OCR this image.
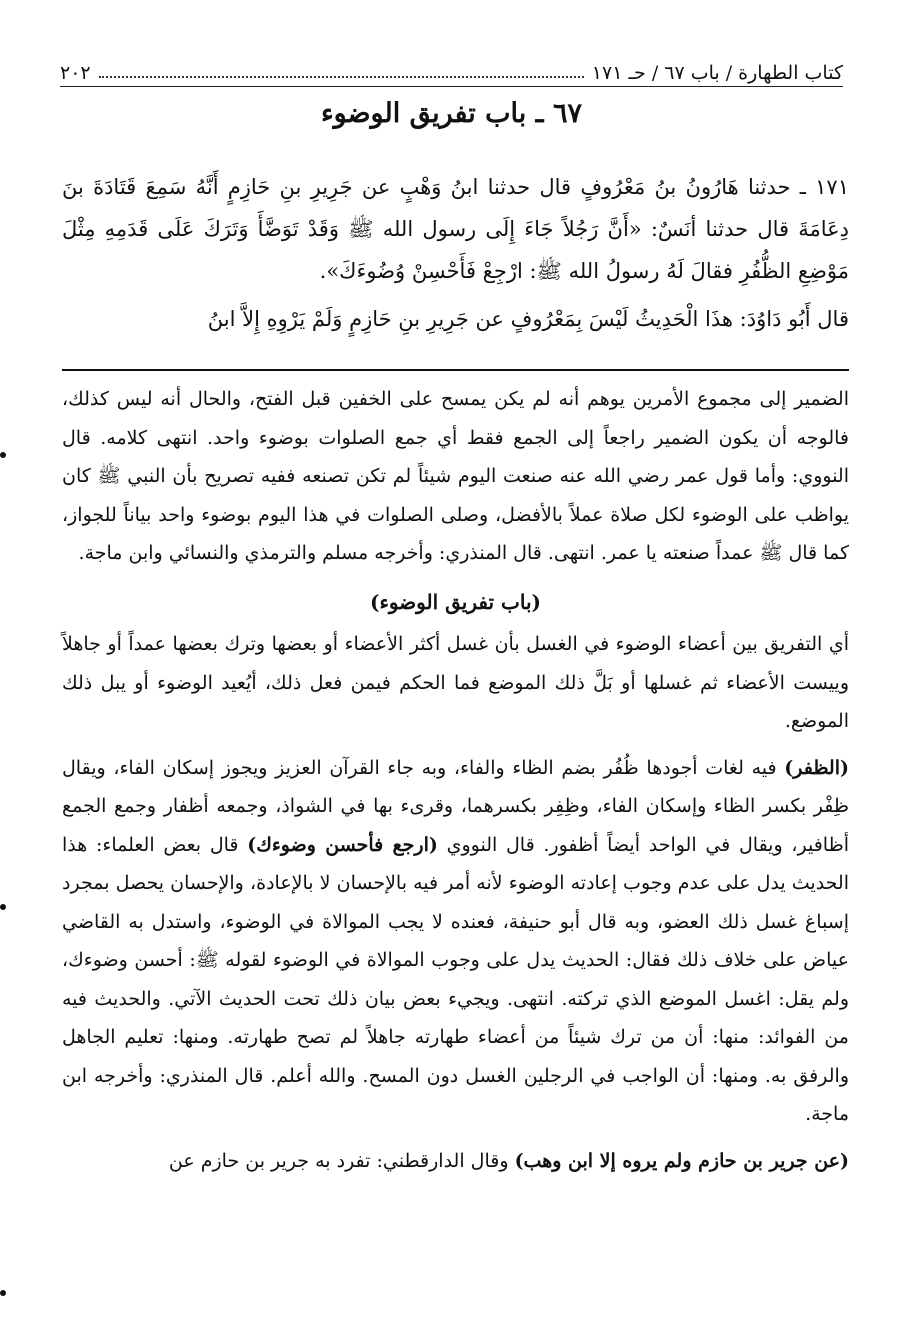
كتاب الطهارة / باب ٦٧ / حـ ١٧١
٢٠٢
٦٧ ـ باب تفريق الوضوء

١٧١ ـ حدثنا هَارُونُ بنُ مَعْرُوفٍ قال حدثنا ابنُ وَهْبٍ عن جَرِيرِ بنِ حَازِمٍ أَنَّهُ سَمِعَ قَتَادَةَ بنَ دِعَامَةَ قال حدثنا أنَسٌ: «أَنَّ رَجُلاً جَاءَ إِلَى رسول الله ﷺ وَقَدْ تَوَضَّأَ وَتَرَكَ عَلَى قَدَمِهِ مِثْلَ مَوْضِعِ الظُّفُرِ فقالَ لَهُ رسولُ الله ﷺ: ارْجِعْ فَأَحْسِنْ وُضُوءَكَ».

قال أَبُو دَاوُدَ: هذَا الْحَدِيثُ لَيْسَ بِمَعْرُوفٍ عن جَرِيرِ بنِ حَازِمٍ وَلَمْ يَرْوِهِ إِلاَّ ابنُ

الضمير إلى مجموع الأمرين يوهم أنه لم يكن يمسح على الخفين قبل الفتح، والحال أنه ليس كذلك، فالوجه أن يكون الضمير راجعاً إلى الجمع فقط أي جمع الصلوات بوضوء واحد. انتهى كلامه. قال النووي: وأما قول عمر رضي الله عنه صنعت اليوم شيئاً لم تكن تصنعه ففيه تصريح بأن النبي ﷺ كان يواظب على الوضوء لكل صلاة عملاً بالأفضل، وصلى الصلوات في هذا اليوم بوضوء واحد بياناً للجواز، كما قال ﷺ عمداً صنعته يا عمر. انتهى. قال المنذري: وأخرجه مسلم والترمذي والنسائي وابن ماجة.

(باب تفريق الوضوء)

أي التفريق بين أعضاء الوضوء في الغسل بأن غسل أكثر الأعضاء أو بعضها وترك بعضها عمداً أو جاهلاً وييست الأعضاء ثم غسلها أو بَلَّ ذلك الموضع فما الحكم فيمن فعل ذلك، أيُعيد الوضوء أو يبل ذلك الموضع.

(الظفر) فيه لغات أجودها ظُفُر بضم الظاء والفاء، وبه جاء القرآن العزيز ويجوز إسكان الفاء، ويقال ظِفْر بكسر الظاء وإسكان الفاء، وظِفِر بكسرهما، وقرىء بها في الشواذ، وجمعه أظفار وجمع الجمع أظافير، ويقال في الواحد أيضاً أظفور. قال النووي (ارجع فأحسن وضوءك) قال بعض العلماء: هذا الحديث يدل على عدم وجوب إعادته الوضوء لأنه أمر فيه بالإحسان لا بالإعادة، والإحسان يحصل بمجرد إسباغ غسل ذلك العضو، وبه قال أبو حنيفة، فعنده لا يجب الموالاة في الوضوء، واستدل به القاضي عياض على خلاف ذلك فقال: الحديث يدل على وجوب الموالاة في الوضوء لقوله ﷺ: أحسن وضوءك، ولم يقل: اغسل الموضع الذي تركته. انتهى. ويجيء بعض بيان ذلك تحت الحديث الآتي. والحديث فيه من الفوائد: منها: أن من ترك شيئاً من أعضاء طهارته جاهلاً لم تصح طهارته. ومنها: تعليم الجاهل والرفق به. ومنها: أن الواجب في الرجلين الغسل دون المسح. والله أعلم. قال المنذري: وأخرجه ابن ماجة.

(عن جرير بن حازم ولم يروه إلا ابن وهب) وقال الدارقطني: تفرد به جرير بن حازم عن
